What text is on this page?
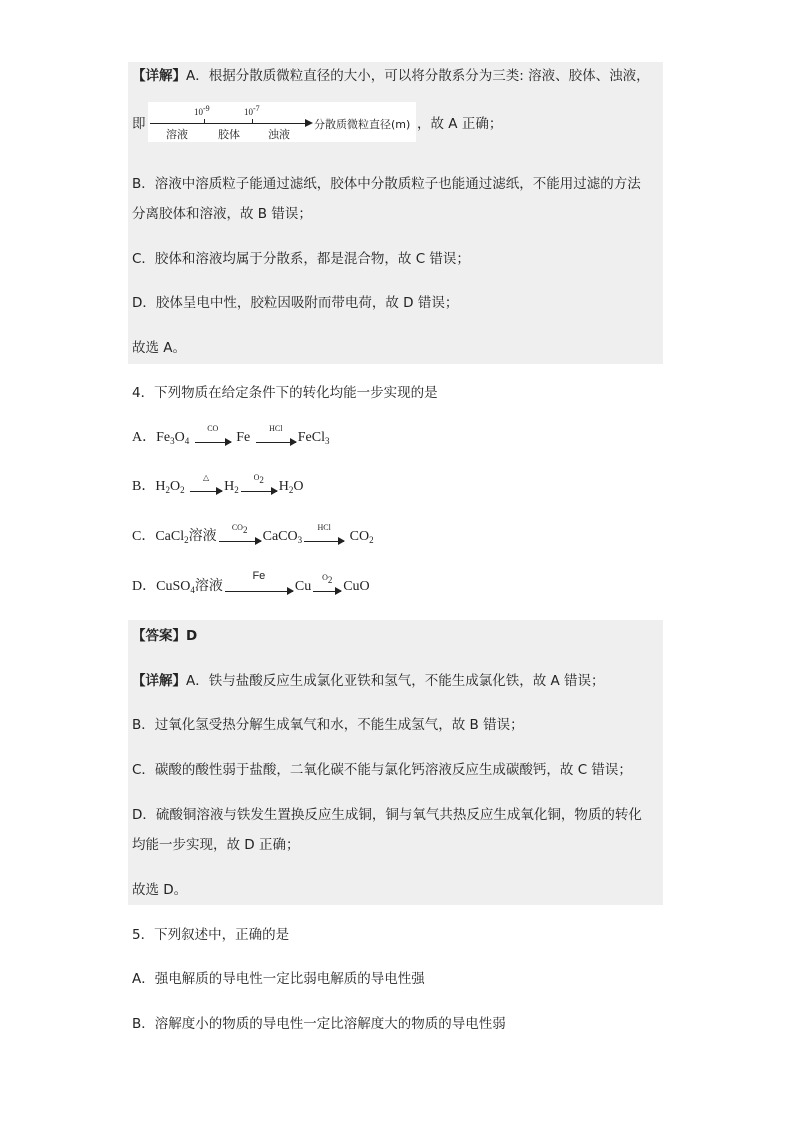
【详解】A．根据分散质微粒直径的大小，可以将分散系分为三类: 溶液、胶体、浊液，
即
$10^{-9}$	$10^{-7}$
溶液	胶体	浊液
分散质微粒直径(m) ，故 A 正确；
B．溶液中溶质粒子能通过滤纸，胶体中分散质粒子也能通过滤纸，不能用过滤的方法
分离胶体和溶液，故 B 错误；
C．胶体和溶液均属于分散系，都是混合物，故 C 错误；
D．胶体呈电中性，胶粒因吸附而带电荷，故 D 错误；
故选 A。
4．下列物质在给定条件下的转化均能一步实现的是
A．$Fe_3O_4$
CO
Fe
HCl
FeCl$_3$
B．$H_2O_2$
△
$H_2$
$O_2$	$H_2O$
C．CaCl$_2$溶液
$CO_2$	CaCO$_3$
HCl
$CO_2$
D．CuSO$_4$溶液
Fe
Cu
$O_2$ CuO
【答案】D
【详解】A．铁与盐酸反应生成氯化亚铁和氢气，不能生成氯化铁，故 A 错误；
B．过氧化氢受热分解生成氧气和水，不能生成氢气，故 B 错误；
C．碳酸的酸性弱于盐酸，二氧化碳不能与氯化钙溶液反应生成碳酸钙，故 C 错误；
D．硫酸铜溶液与铁发生置换反应生成铜，铜与氧气共热反应生成氧化铜，物质的转化
均能一步实现，故 D 正确；
故选 D。
5．下列叙述中，正确的是
A．强电解质的导电性一定比弱电解质的导电性强
B．溶解度小的物质的导电性一定比溶解度大的物质的导电性弱
